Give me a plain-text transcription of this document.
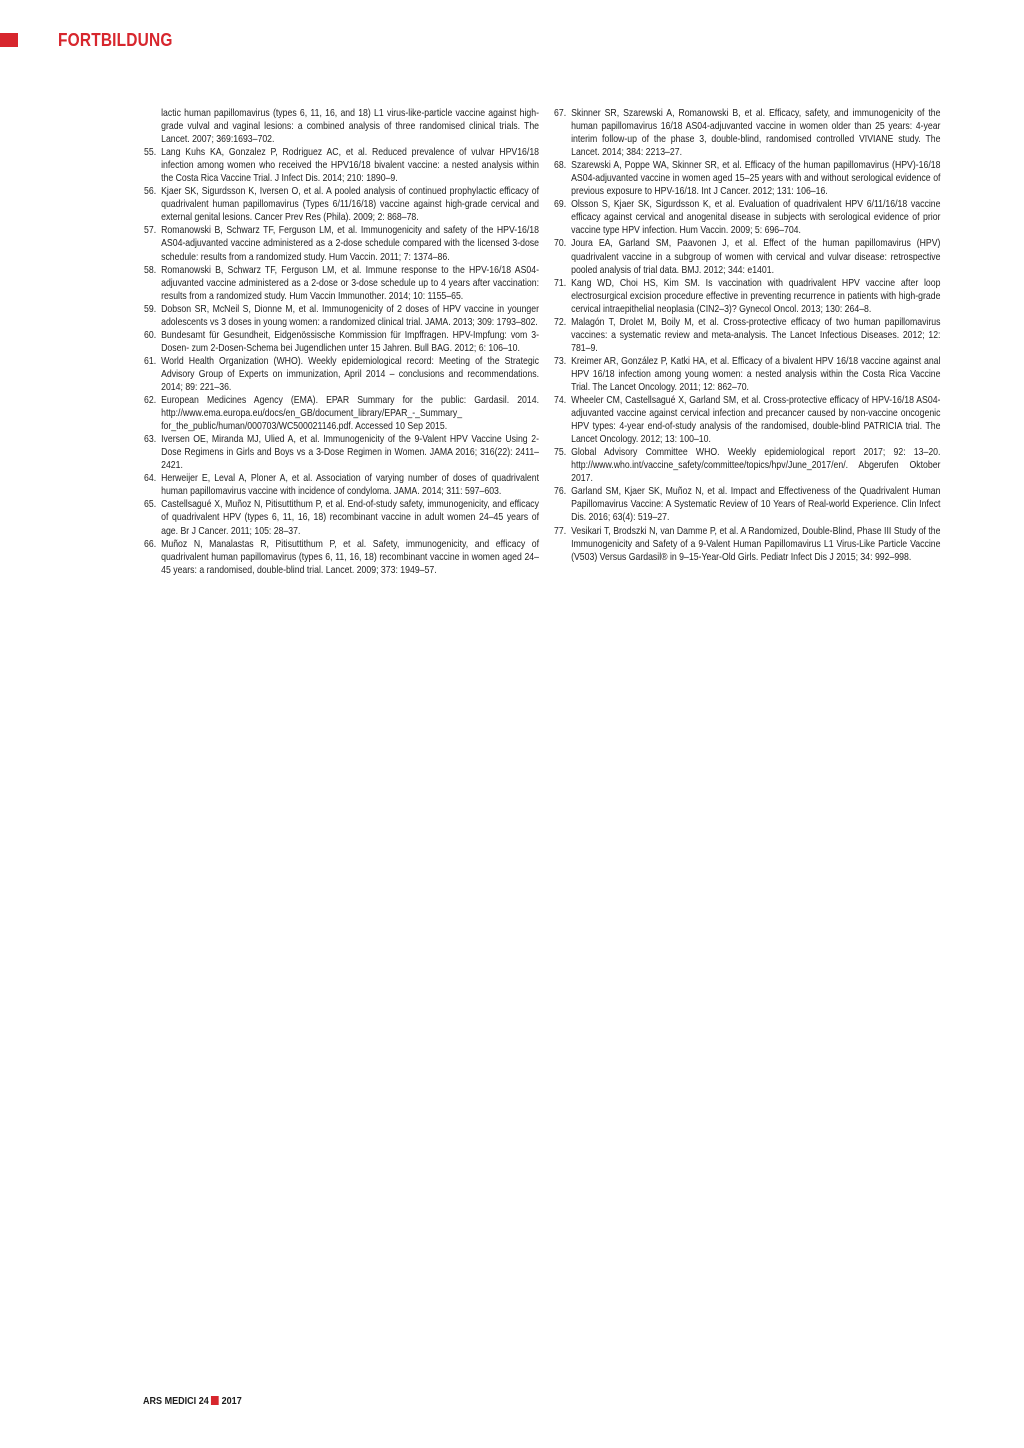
FORTBILDUNG
lactic human papillomavirus (types 6, 11, 16, and 18) L1 virus-like-particle vaccine against high-grade vulval and vaginal lesions: a combined analysis of three randomised clinical trials. The Lancet. 2007; 369:1693–702.
55. Lang Kuhs KA, Gonzalez P, Rodriguez AC, et al. Reduced prevalence of vulvar HPV16/18 infection among women who received the HPV16/18 bivalent vaccine: a nested analysis within the Costa Rica Vaccine Trial. J Infect Dis. 2014; 210: 1890–9.
56. Kjaer SK, Sigurdsson K, Iversen O, et al. A pooled analysis of continued prophylactic efficacy of quadrivalent human papillomavirus (Types 6/11/16/18) vaccine against high-grade cervical and external genital lesions. Cancer Prev Res (Phila). 2009; 2: 868–78.
57. Romanowski B, Schwarz TF, Ferguson LM, et al. Immunogenicity and safety of the HPV-16/18 AS04-adjuvanted vaccine administered as a 2-dose schedule compared with the licensed 3-dose schedule: results from a randomized study. Hum Vaccin. 2011; 7: 1374–86.
58. Romanowski B, Schwarz TF, Ferguson LM, et al. Immune response to the HPV-16/18 AS04-adjuvanted vaccine administered as a 2-dose or 3-dose schedule up to 4 years after vaccination: results from a randomized study. Hum Vaccin Immunother. 2014; 10: 1155–65.
59. Dobson SR, McNeil S, Dionne M, et al. Immunogenicity of 2 doses of HPV vaccine in younger adolescents vs 3 doses in young women: a randomized clinical trial. JAMA. 2013; 309: 1793–802.
60. Bundesamt für Gesundheit, Eidgenössische Kommission für Impffragen. HPV-Impfung: vom 3-Dosen- zum 2-Dosen-Schema bei Jugendlichen unter 15 Jahren. Bull BAG. 2012; 6: 106–10.
61. World Health Organization (WHO). Weekly epidemiological record: Meeting of the Strategic Advisory Group of Experts on immunization, April 2014 – conclusions and recommendations. 2014; 89: 221–36.
62. European Medicines Agency (EMA). EPAR Summary for the public: Gardasil. 2014. http://www.ema.europa.eu/docs/en_GB/document_library/EPAR_-_Summary_ for_the_public/human/000703/WC500021146.pdf. Accessed 10 Sep 2015.
63. Iversen OE, Miranda MJ, Ulied A, et al. Immunogenicity of the 9-Valent HPV Vaccine Using 2-Dose Regimens in Girls and Boys vs a 3-Dose Regimen in Women. JAMA 2016; 316(22): 2411–2421.
64. Herweijer E, Leval A, Ploner A, et al. Association of varying number of doses of quadrivalent human papillomavirus vaccine with incidence of condyloma. JAMA. 2014; 311: 597–603.
65. Castellsagué X, Muñoz N, Pitisuttithum P, et al. End-of-study safety, immunogenicity, and efficacy of quadrivalent HPV (types 6, 11, 16, 18) recombinant vaccine in adult women 24–45 years of age. Br J Cancer. 2011; 105: 28–37.
66. Muñoz N, Manalastas R, Pitisuttithum P, et al. Safety, immunogenicity, and efficacy of quadrivalent human papillomavirus (types 6, 11, 16, 18) recombinant vaccine in women aged 24–45 years: a randomised, double-blind trial. Lancet. 2009; 373: 1949–57.
67. Skinner SR, Szarewski A, Romanowski B, et al. Efficacy, safety, and immunogenicity of the human papillomavirus 16/18 AS04-adjuvanted vaccine in women older than 25 years: 4-year interim follow-up of the phase 3, double-blind, randomised controlled VIVIANE study. The Lancet. 2014; 384: 2213–27.
68. Szarewski A, Poppe WA, Skinner SR, et al. Efficacy of the human papillomavirus (HPV)-16/18 AS04-adjuvanted vaccine in women aged 15–25 years with and without serological evidence of previous exposure to HPV-16/18. Int J Cancer. 2012; 131: 106–16.
69. Olsson S, Kjaer SK, Sigurdsson K, et al. Evaluation of quadrivalent HPV 6/11/16/18 vaccine efficacy against cervical and anogenital disease in subjects with serological evidence of prior vaccine type HPV infection. Hum Vaccin. 2009; 5: 696–704.
70. Joura EA, Garland SM, Paavonen J, et al. Effect of the human papillomavirus (HPV) quadrivalent vaccine in a subgroup of women with cervical and vulvar disease: retrospective pooled analysis of trial data. BMJ. 2012; 344: e1401.
71. Kang WD, Choi HS, Kim SM. Is vaccination with quadrivalent HPV vaccine after loop electrosurgical excision procedure effective in preventing recurrence in patients with high-grade cervical intraepithelial neoplasia (CIN2–3)? Gynecol Oncol. 2013; 130: 264–8.
72. Malagón T, Drolet M, Boily M, et al. Cross-protective efficacy of two human papillomavirus vaccines: a systematic review and meta-analysis. The Lancet Infectious Diseases. 2012; 12: 781–9.
73. Kreimer AR, González P, Katki HA, et al. Efficacy of a bivalent HPV 16/18 vaccine against anal HPV 16/18 infection among young women: a nested analysis within the Costa Rica Vaccine Trial. The Lancet Oncology. 2011; 12: 862–70.
74. Wheeler CM, Castellsagué X, Garland SM, et al. Cross-protective efficacy of HPV-16/18 AS04-adjuvanted vaccine against cervical infection and precancer caused by non-vaccine oncogenic HPV types: 4-year end-of-study analysis of the randomised, double-blind PATRICIA trial. The Lancet Oncology. 2012; 13: 100–10.
75. Global Advisory Committee WHO. Weekly epidemiological report 2017; 92: 13–20. http://www.who.int/vaccine_safety/committee/topics/hpv/June_2017/en/. Abgerufen Oktober 2017.
76. Garland SM, Kjaer SK, Muñoz N, et al. Impact and Effectiveness of the Quadrivalent Human Papillomavirus Vaccine: A Systematic Review of 10 Years of Real-world Experience. Clin Infect Dis. 2016; 63(4): 519–27.
77. Vesikari T, Brodszki N, van Damme P, et al. A Randomized, Double-Blind, Phase III Study of the Immunogenicity and Safety of a 9-Valent Human Papillomavirus L1 Virus-Like Particle Vaccine (V503) Versus Gardasil® in 9–15-Year-Old Girls. Pediatr Infect Dis J 2015; 34: 992–998.
ARS MEDICI 24 2017
